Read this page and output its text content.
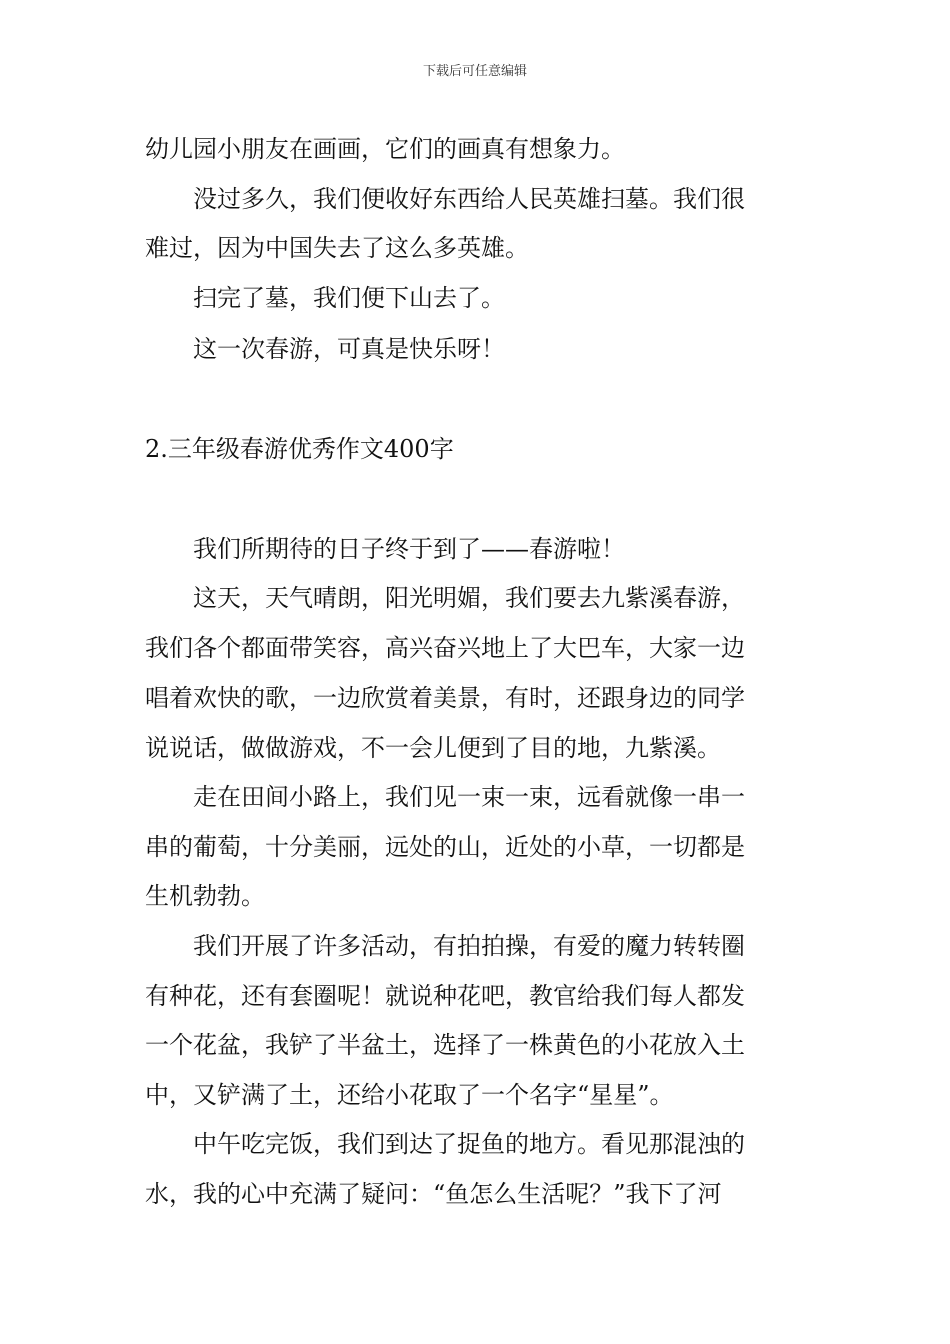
下载后可任意编辑
幼儿园小朋友在画画，它们的画真有想象力。
　　没过多久，我们便收好东西给人民英雄扫墓。我们很
难过，因为中国失去了这么多英雄。
　　扫完了墓，我们便下山去了。
　　这一次春游，可真是快乐呀！
2.三年级春游优秀作文400字
　　我们所期待的日子终于到了——春游啦！
　　这天，天气晴朗，阳光明媚，我们要去九紫溪春游，
我们各个都面带笑容，高兴奋兴地上了大巴车，大家一边
唱着欢快的歌，一边欣赏着美景，有时，还跟身边的同学
说说话，做做游戏，不一会儿便到了目的地，九紫溪。
　　走在田间小路上，我们见一束一束，远看就像一串一
串的葡萄，十分美丽，远处的山，近处的小草，一切都是
生机勃勃。
　　我们开展了许多活动，有拍拍操，有爱的魔力转转圈
有种花，还有套圈呢！就说种花吧，教官给我们每人都发
一个花盆，我铲了半盆土，选择了一株黄色的小花放入土
中，又铲满了土，还给小花取了一个名字“星星”。
　　中午吃完饭，我们到达了捉鱼的地方。看见那混浊的
水，我的心中充满了疑问：“鱼怎么生活呢？”我下了河
